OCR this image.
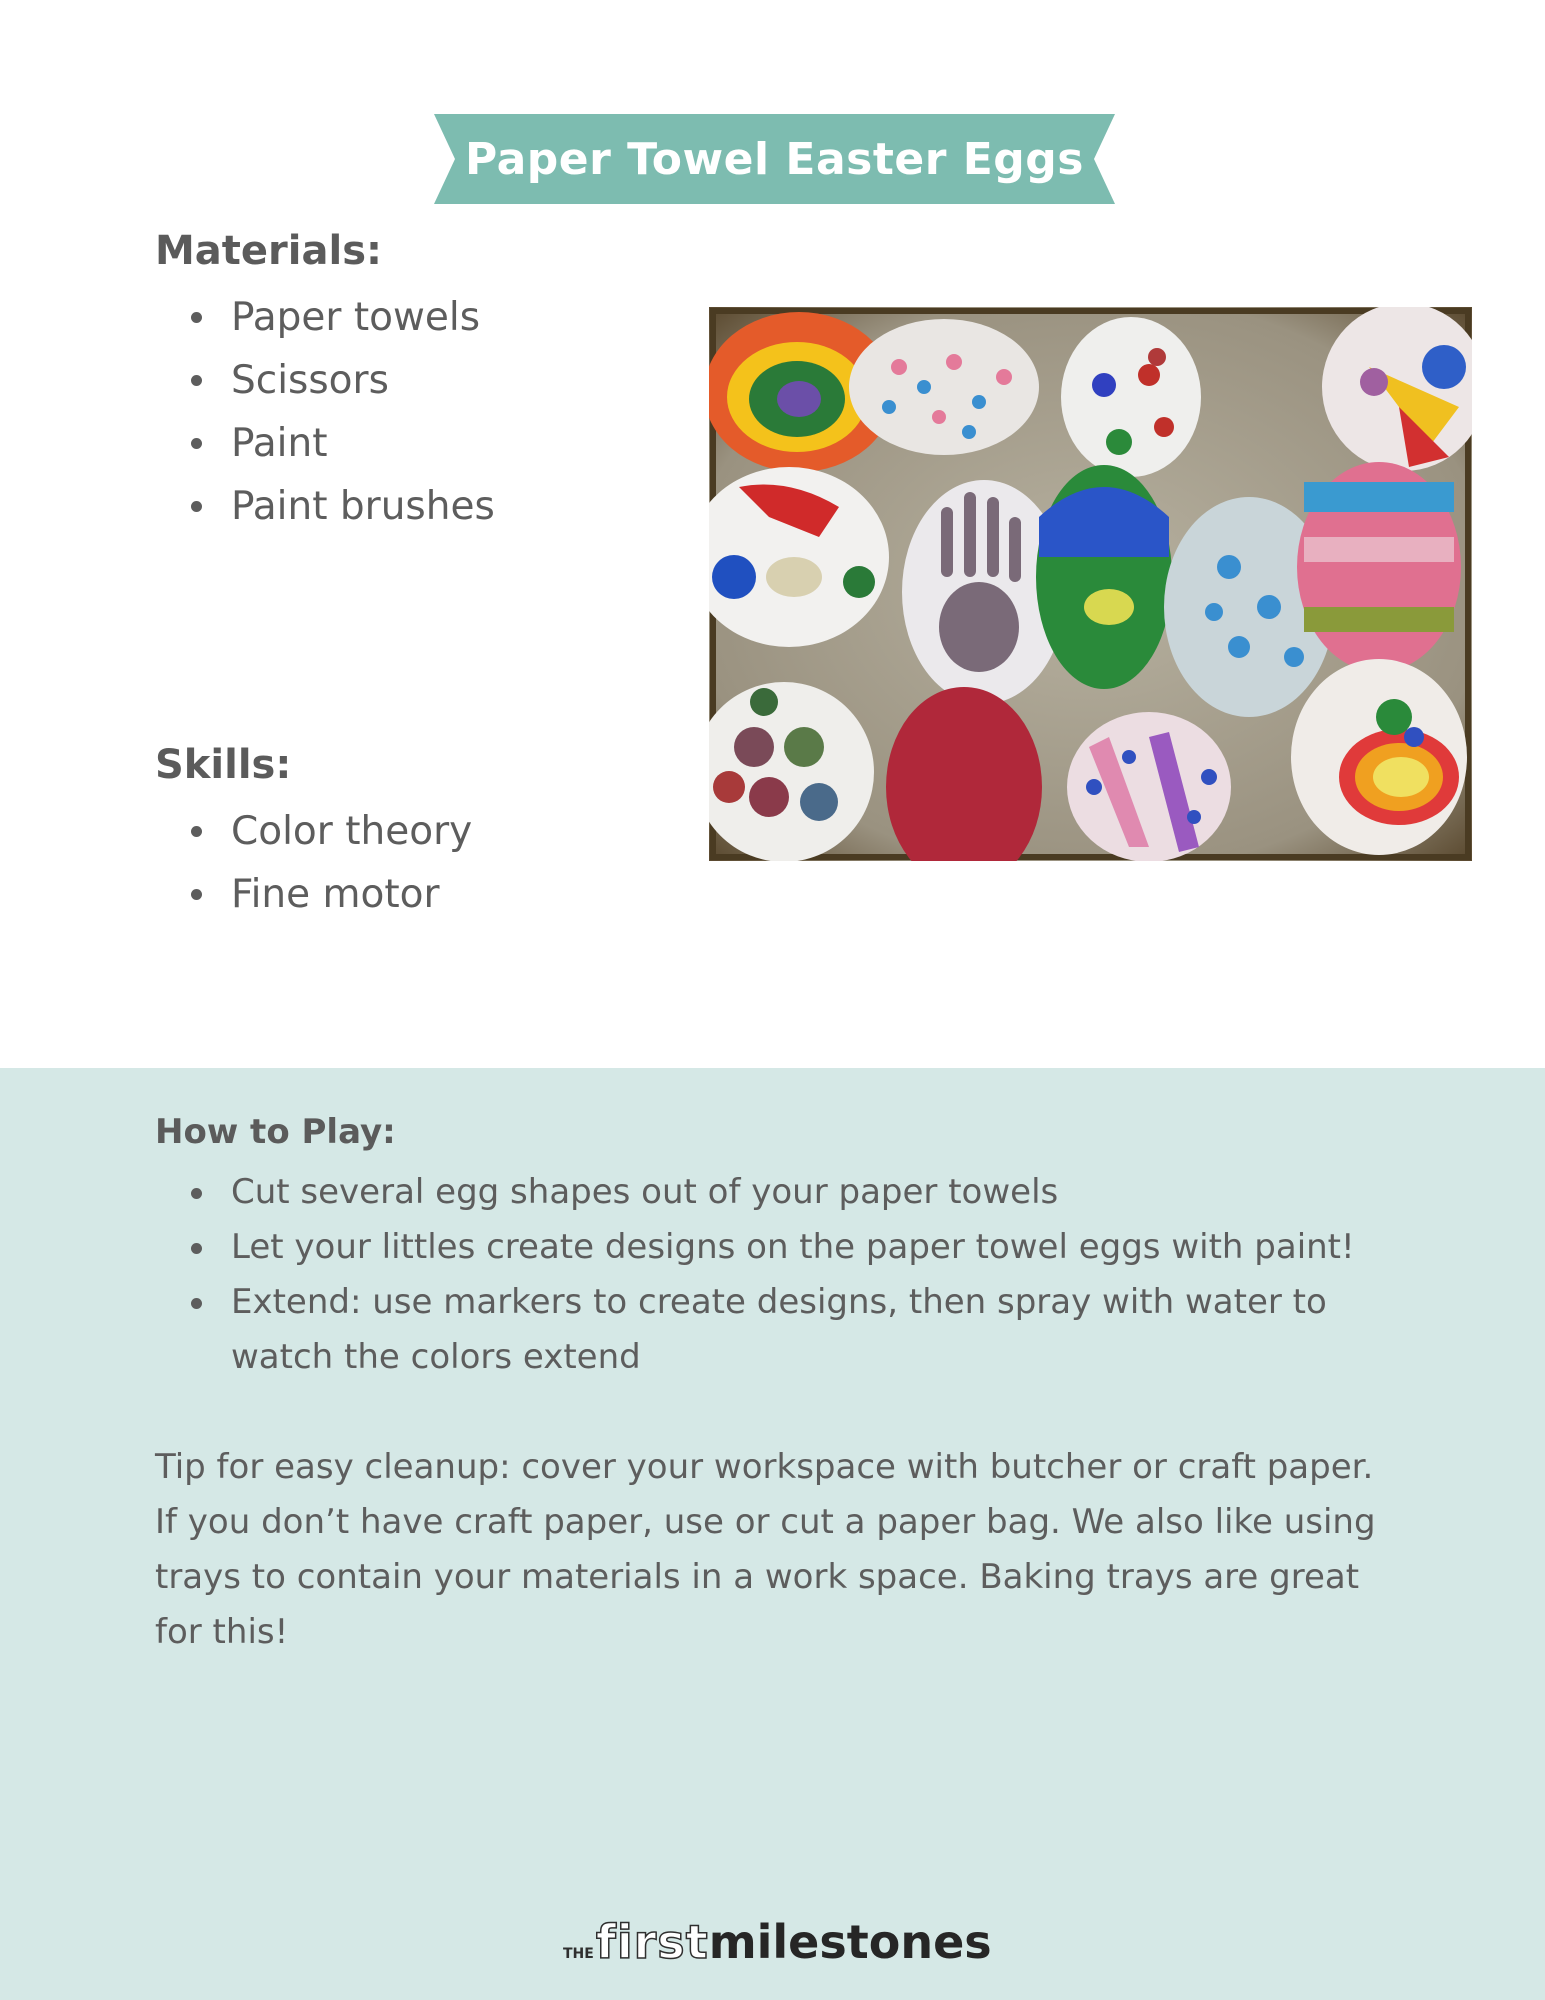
Paper Towel Easter Eggs
Materials:
Paper towels
Scissors
Paint
Paint brushes
Skills:
Color theory
Fine motor
How to Play:
Cut several egg shapes out of your paper towels
Let your littles create designs on the paper towel eggs with paint!
Extend: use markers to create designs, then spray with water to watch the colors extend

Tip for easy cleanup: cover your workspace with butcher or craft paper. If you don’t have craft paper, use or cut a paper bag. We also like using trays to contain your materials in a work space. Baking trays are great for this!

THE first milestones
